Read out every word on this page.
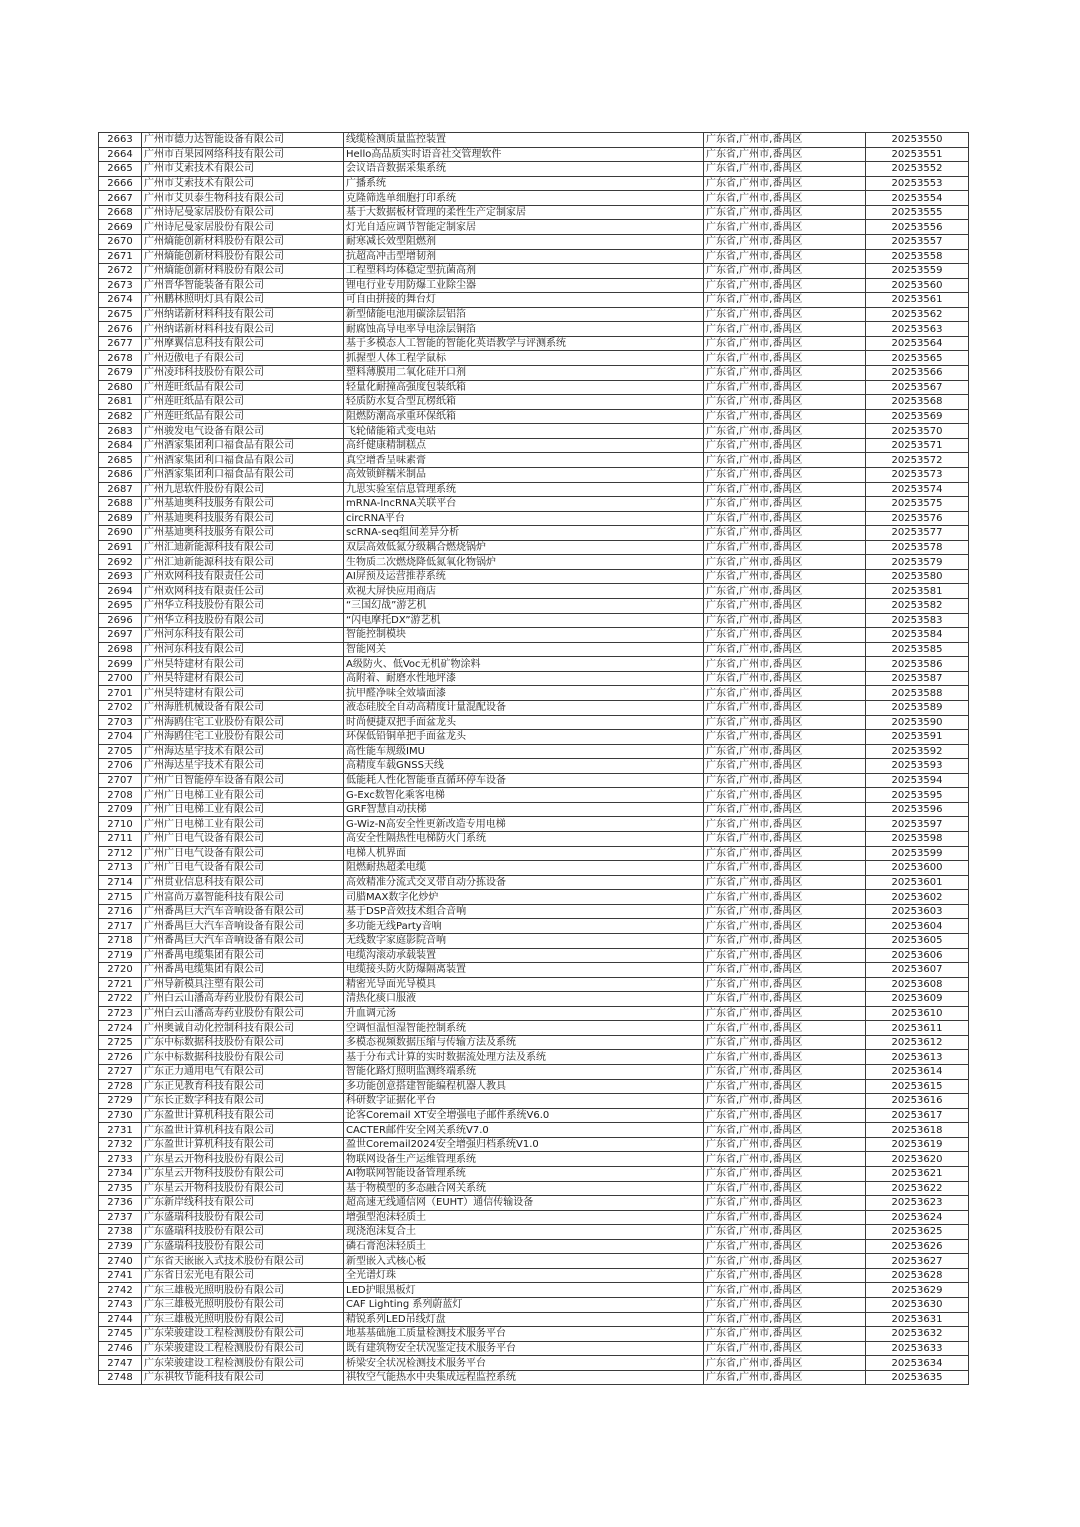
2663	广州市德力达智能设备有限公司	线缆检测质量监控装置	广东省,广州市,番禺区	20253550
2664	广州市百果园网络科技有限公司	Hello高品质实时语音社交管理软件	广东省,广州市,番禺区	20253551
2665	广州市艾索技术有限公司	会议语音数据采集系统	广东省,广州市,番禺区	20253552
2666	广州市艾索技术有限公司	广播系统	广东省,广州市,番禺区	20253553
2667	广州市艾贝泰生物科技有限公司	克隆筛选单细胞打印系统	广东省,广州市,番禺区	20253554
2668	广州诗尼曼家居股份有限公司	基于大数据板材管理的柔性生产定制家居	广东省,广州市,番禺区	20253555
2669	广州诗尼曼家居股份有限公司	灯光自适应调节智能定制家居	广东省,广州市,番禺区	20253556
2670	广州熵能创新材料股份有限公司	耐寒减长效型阻燃剂	广东省,广州市,番禺区	20253557
2671	广州熵能创新材料股份有限公司	抗超高冲击型增韧剂	广东省,广州市,番禺区	20253558
2672	广州熵能创新材料股份有限公司	工程塑料均体稳定型抗菌高剂	广东省,广州市,番禺区	20253559
2673	广州晋华智能装备有限公司	锂电行业专用防爆工业除尘器	广东省,广州市,番禺区	20253560
2674	广州鹏林照明灯具有限公司	可自由拼接的舞台灯	广东省,广州市,番禺区	20253561
2675	广州纳诺新材料科技有限公司	新型储能电池用碳涂层铝箔	广东省,广州市,番禺区	20253562
2676	广州纳诺新材料科技有限公司	耐腐蚀高导电率导电涂层铜箔	广东省,广州市,番禺区	20253563
2677	广州摩翼信息科技有限公司	基于多模态人工智能的智能化英语教学与评测系统	广东省,广州市,番禺区	20253564
2678	广州迈傲电子有限公司	抓握型人体工程学鼠标	广东省,广州市,番禺区	20253565
2679	广州凌玮科技股份有限公司	塑料薄膜用二氧化硅开口剂	广东省,广州市,番禺区	20253566
2680	广州莲旺纸品有限公司	轻量化耐撞高强度包装纸箱	广东省,广州市,番禺区	20253567
2681	广州莲旺纸品有限公司	轻质防水复合型瓦楞纸箱	广东省,广州市,番禺区	20253568
2682	广州莲旺纸品有限公司	阻燃防潮高承重环保纸箱	广东省,广州市,番禺区	20253569
2683	广州骏发电气设备有限公司	飞轮储能箱式变电站	广东省,广州市,番禺区	20253570
2684	广州酒家集团利口福食品有限公司	高纤健康精制糕点	广东省,广州市,番禺区	20253571
2685	广州酒家集团利口福食品有限公司	真空增香呈味素膏	广东省,广州市,番禺区	20253572
2686	广州酒家集团利口福食品有限公司	高效锁鲜糯米制品	广东省,广州市,番禺区	20253573
2687	广州九思软件股份有限公司	九思实验室信息管理系统	广东省,广州市,番禺区	20253574
2688	广州基迪奥科技服务有限公司	mRNA-lncRNA关联平台	广东省,广州市,番禺区	20253575
2689	广州基迪奥科技服务有限公司	circRNA平台	广东省,广州市,番禺区	20253576
2690	广州基迪奥科技服务有限公司	scRNA-seq组间差异分析	广东省,广州市,番禺区	20253577
2691	广州汇迪新能源科技有限公司	双层高效低氮分级耦合燃烧锅炉	广东省,广州市,番禺区	20253578
2692	广州汇迪新能源科技有限公司	生物质二次燃烧降低氮氧化物锅炉	广东省,广州市,番禺区	20253579
2693	广州欢网科技有限责任公司	AI屏预及运营推荐系统	广东省,广州市,番禺区	20253580
2694	广州欢网科技有限责任公司	欢视大屏快应用商店	广东省,广州市,番禺区	20253581
2695	广州华立科技股份有限公司	“三国幻战”游艺机	广东省,广州市,番禺区	20253582
2696	广州华立科技股份有限公司	“闪电摩托DX”游艺机	广东省,广州市,番禺区	20253583
2697	广州河东科技有限公司	智能控制模块	广东省,广州市,番禺区	20253584
2698	广州河东科技有限公司	智能网关	广东省,广州市,番禺区	20253585
2699	广州昊特建材有限公司	A级防火、低Voc无机矿物涂料	广东省,广州市,番禺区	20253586
2700	广州昊特建材有限公司	高附着、耐磨水性地坪漆	广东省,广州市,番禺区	20253587
2701	广州昊特建材有限公司	抗甲醛净味全效墙面漆	广东省,广州市,番禺区	20253588
2702	广州海胜机械设备有限公司	液态硅胶全自动高精度计量混配设备	广东省,广州市,番禺区	20253589
2703	广州海鸥住宅工业股份有限公司	时尚便捷双把手面盆龙头	广东省,广州市,番禺区	20253590
2704	广州海鸥住宅工业股份有限公司	环保低铅铜单把手面盆龙头	广东省,广州市,番禺区	20253591
2705	广州海达星宇技术有限公司	高性能车规级IMU	广东省,广州市,番禺区	20253592
2706	广州海达星宇技术有限公司	高精度车载GNSS天线	广东省,广州市,番禺区	20253593
2707	广州广日智能停车设备有限公司	低能耗人性化智能垂直循环停车设备	广东省,广州市,番禺区	20253594
2708	广州广日电梯工业有限公司	G-Exc数智化乘客电梯	广东省,广州市,番禺区	20253595
2709	广州广日电梯工业有限公司	GRF智慧自动扶梯	广东省,广州市,番禺区	20253596
2710	广州广日电梯工业有限公司	G-Wiz-N高安全性更新改造专用电梯	广东省,广州市,番禺区	20253597
2711	广州广日电气设备有限公司	高安全性隔热性电梯防火门系统	广东省,广州市,番禺区	20253598
2712	广州广日电气设备有限公司	电梯人机界面	广东省,广州市,番禺区	20253599
2713	广州广日电气设备有限公司	阻燃耐热超柔电缆	广东省,广州市,番禺区	20253600
2714	广州贯业信息科技有限公司	高效精准分流式交叉带自动分拣设备	广东省,广州市,番禺区	20253601
2715	广州富尚万嘉智能科技有限公司	司腊MAX数字化炒炉	广东省,广州市,番禺区	20253602
2716	广州番禺巨大汽车音响设备有限公司	基于DSP音效技术组合音响	广东省,广州市,番禺区	20253603
2717	广州番禺巨大汽车音响设备有限公司	多功能无线Party音响	广东省,广州市,番禺区	20253604
2718	广州番禺巨大汽车音响设备有限公司	无线数字家庭影院音响	广东省,广州市,番禺区	20253605
2719	广州番禺电缆集团有限公司	电缆沟滚动承载装置	广东省,广州市,番禺区	20253606
2720	广州番禺电缆集团有限公司	电缆接头防火防爆隔离装置	广东省,广州市,番禺区	20253607
2721	广州导新模具注塑有限公司	精密光导面光导模具	广东省,广州市,番禺区	20253608
2722	广州白云山潘高寿药业股份有限公司	清热化痰口服液	广东省,广州市,番禺区	20253609
2723	广州白云山潘高寿药业股份有限公司	升血调元汤	广东省,广州市,番禺区	20253610
2724	广州奥诚自动化控制科技有限公司	空调恒温恒湿智能控制系统	广东省,广州市,番禺区	20253611
2725	广东中标数据科技股份有限公司	多模态视频数据压缩与传输方法及系统	广东省,广州市,番禺区	20253612
2726	广东中标数据科技股份有限公司	基于分布式计算的实时数据流处理方法及系统	广东省,广州市,番禺区	20253613
2727	广东正力通用电气有限公司	智能化路灯照明监测终端系统	广东省,广州市,番禺区	20253614
2728	广东正见教育科技有限公司	多功能创意搭建智能编程机器人教具	广东省,广州市,番禺区	20253615
2729	广东长正数字科技有限公司	科研数字证据化平台	广东省,广州市,番禺区	20253616
2730	广东盈世计算机科技有限公司	论客Coremail XT安全增强电子邮件系统V6.0	广东省,广州市,番禺区	20253617
2731	广东盈世计算机科技有限公司	CACTER邮件安全网关系统V7.0	广东省,广州市,番禺区	20253618
2732	广东盈世计算机科技有限公司	盈世Coremail2024安全增强归档系统V1.0	广东省,广州市,番禺区	20253619
2733	广东星云开物科技股份有限公司	物联网设备生产运维管理系统	广东省,广州市,番禺区	20253620
2734	广东星云开物科技股份有限公司	AI物联网智能设备管理系统	广东省,广州市,番禺区	20253621
2735	广东星云开物科技股份有限公司	基于物模型的多态融合网关系统	广东省,广州市,番禺区	20253622
2736	广东新岸线科技有限公司	超高速无线通信网（EUHT）通信传输设备	广东省,广州市,番禺区	20253623
2737	广东盛瑞科技股份有限公司	增强型泡沫轻质土	广东省,广州市,番禺区	20253624
2738	广东盛瑞科技股份有限公司	现浇泡沫复合土	广东省,广州市,番禺区	20253625
2739	广东盛瑞科技股份有限公司	磷石膏泡沫轻质土	广东省,广州市,番禺区	20253626
2740	广东省天嵌嵌入式技术股份有限公司	新型嵌入式核心板	广东省,广州市,番禺区	20253627
2741	广东省日宏光电有限公司	全光谱灯珠	广东省,广州市,番禺区	20253628
2742	广东三雄极光照明股份有限公司	LED护眼黑板灯	广东省,广州市,番禺区	20253629
2743	广东三雄极光照明股份有限公司	CAF Lighting 系列蔚蓝灯	广东省,广州市,番禺区	20253630
2744	广东三雄极光照明股份有限公司	精锐系列LED吊线灯盘	广东省,广州市,番禺区	20253631
2745	广东荣骏建设工程检测股份有限公司	地基基础施工质量检测技术服务平台	广东省,广州市,番禺区	20253632
2746	广东荣骏建设工程检测股份有限公司	既有建筑物安全状况鉴定技术服务平台	广东省,广州市,番禺区	20253633
2747	广东荣骏建设工程检测股份有限公司	桥梁安全状况检测技术服务平台	广东省,广州市,番禺区	20253634
2748	广东祺牧节能科技有限公司	祺牧空气能热水中央集成远程监控系统	广东省,广州市,番禺区	20253635
